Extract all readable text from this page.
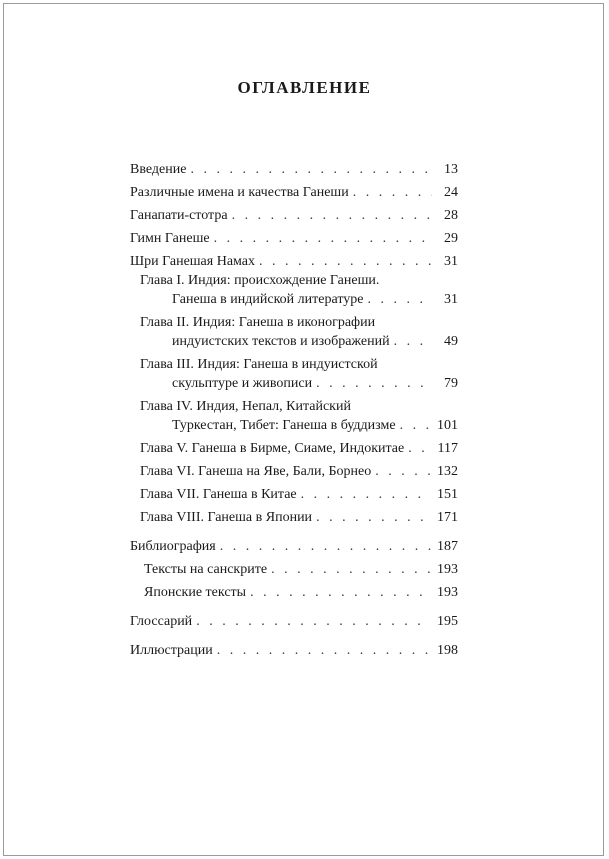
ОГЛАВЛЕНИЕ
Введение . . .	13
Различные имена и качества Ганеши . . .	24
Ганапати-стотра . . .	28
Гимн Ганеше . . .	29
Шри Ганешая Намах . . .	31
Глава I. Индия: происхождение Ганеши.
Ганеша в индийской литературе . . .	31
Глава II. Индия: Ганеша в иконографии
индуистских текстов и изображений . . .	49
Глава III. Индия: Ганеша в индуистской
скульптуре и живописи . . .	79
Глава IV. Индия, Непал, Китайский
Туркестан, Тибет: Ганеша в буддизме . . .	101
Глава V. Ганеша в Бирме, Сиаме, Индокитае . . . 117
Глава VI. Ганеша на Яве, Бали, Борнео . . .	132
Глава VII. Ганеша в Китае . . .	151
Глава VIII. Ганеша в Японии . . .	171
Библиография . . .	187
Тексты на санскрите . . .	193
Японские тексты . . .	193
Глоссарий . . .	195
Иллюстрации . . .	198
